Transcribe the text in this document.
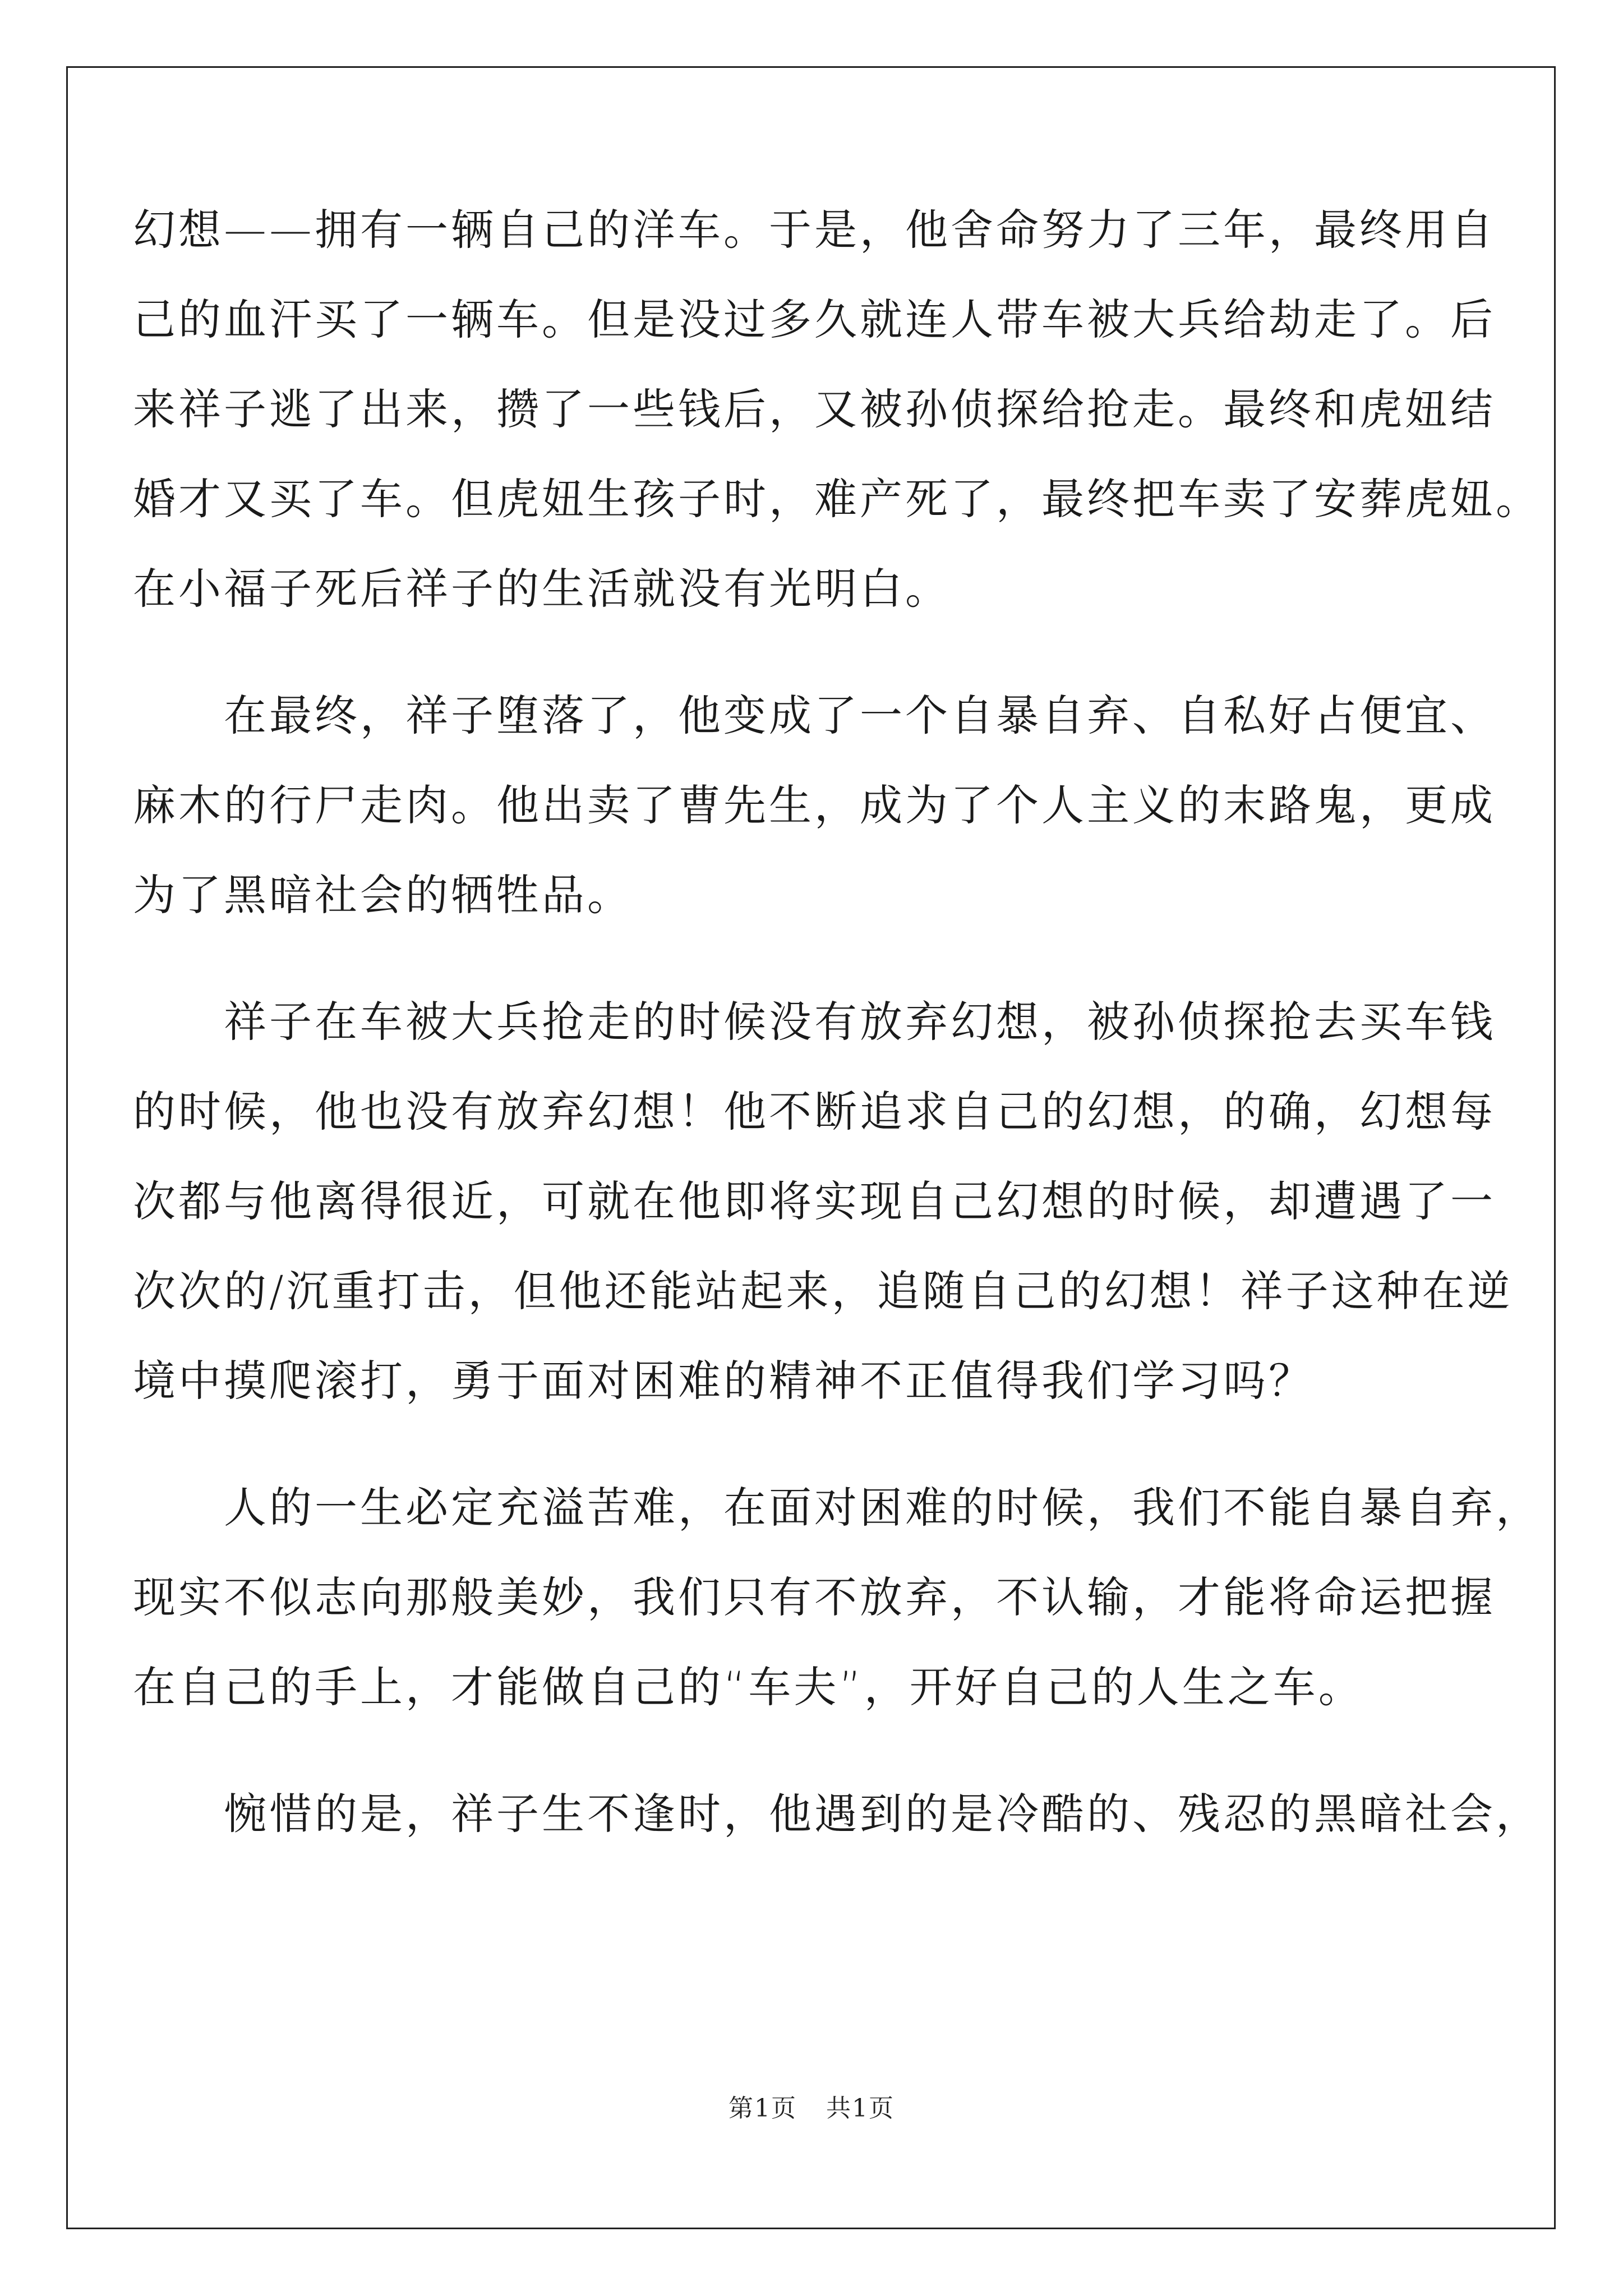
幻想——拥有一辆自己的洋车。于是，他舍命努力了三年，最终用自

己的血汗买了一辆车。但是没过多久就连人带车被大兵给劫走了。后

来祥子逃了出来，攒了一些钱后，又被孙侦探给抢走。最终和虎妞结

婚才又买了车。但虎妞生孩子时，难产死了，最终把车卖了安葬虎妞。

在小福子死后祥子的生活就没有光明白。

　　在最终，祥子堕落了，他变成了一个自暴自弃、自私好占便宜、

麻木的行尸走肉。他出卖了曹先生，成为了个人主义的末路鬼，更成

为了黑暗社会的牺牲品。

　　祥子在车被大兵抢走的时候没有放弃幻想，被孙侦探抢去买车钱

的时候，他也没有放弃幻想！他不断追求自己的幻想，的确，幻想每

次都与他离得很近，可就在他即将实现自己幻想的时候，却遭遇了一

次次的/沉重打击，但他还能站起来，追随自己的幻想！祥子这种在逆

境中摸爬滚打，勇于面对困难的精神不正值得我们学习吗？

　　人的一生必定充溢苦难，在面对困难的时候，我们不能自暴自弃，

现实不似志向那般美妙，我们只有不放弃，不认输，才能将命运把握

在自己的手上，才能做自己的“车夫”，开好自己的人生之车。

　　惋惜的是，祥子生不逢时，他遇到的是冷酷的、残忍的黑暗社会，

第1页 共1页
